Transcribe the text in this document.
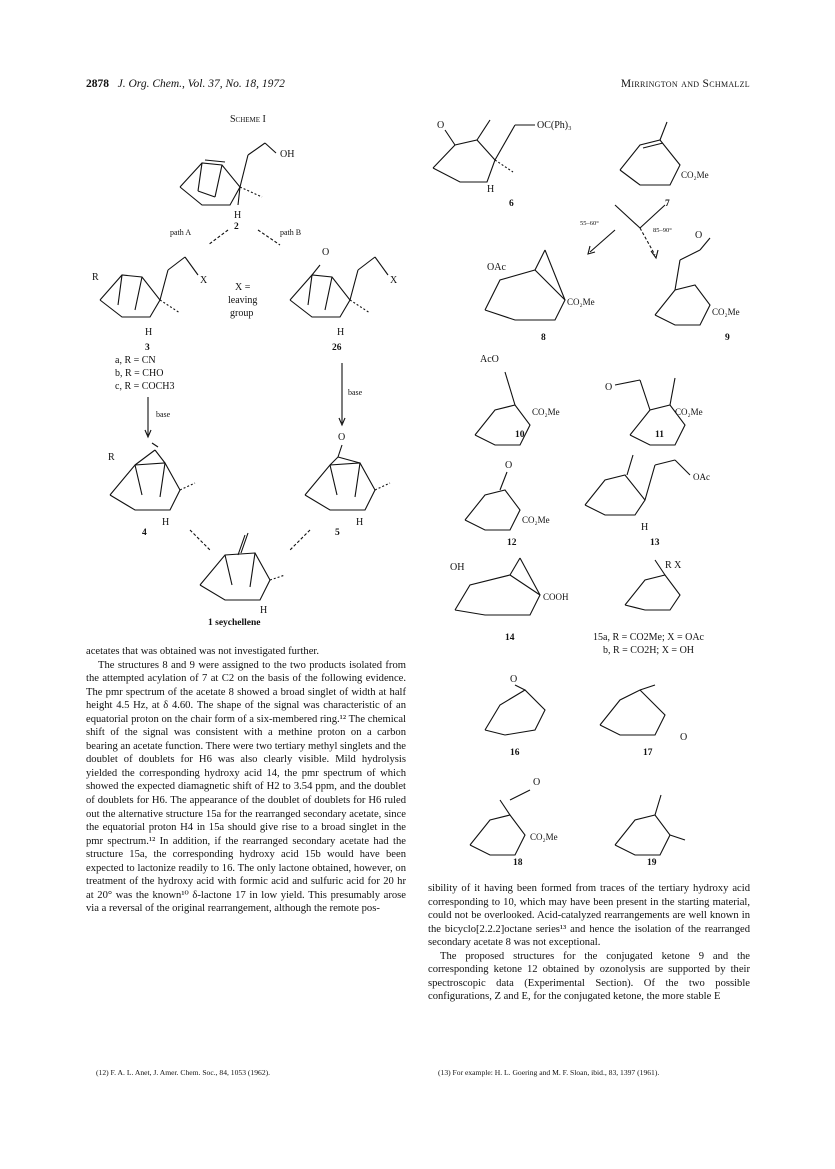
2878 J. Org. Chem., Vol. 37, No. 18, 1972	Mirrington and Schmalzl
Scheme I
OH
H
2
path A	path B
R	X
H
3
X =
leaving
group
O
X
H
26
a, R = CN
b, R = CHO
c, R = COCH3
base
base
R
H
4
O
H
5
H
1 seychellene
O	OC(Ph)₃
H
6
CO₂Me
7
55–60°
85–90°
OAc
CO₂Me
8
O
CO₂Me
9
AcO
CO₂Me
10
O
CO₂Me
11
O
CO₂Me
12
OAc
H
13
OH
COOH
14
R X
15a, R = CO2Me; X = OAc
b, R = CO2H; X = OH
O
16
O
17
O
CO₂Me
18	19

acetates that was obtained was not investigated further.

The structures 8 and 9 were assigned to the two products isolated from the attempted acylation of 7 at C2 on the basis of the following evidence. The pmr spectrum of the acetate 8 showed a broad singlet of width at half height 4.5 Hz, at δ 4.60. The shape of the signal was characteristic of an equatorial proton on the chair form of a six-membered ring.¹² The chemical shift of the signal was consistent with a methine proton on a carbon bearing an acetate function. There were two tertiary methyl singlets and the doublet of doublets for H6 was also clearly visible. Mild hydrolysis yielded the corresponding hydroxy acid 14, the pmr spectrum of which showed the expected diamagnetic shift of H2 to 3.54 ppm, and the doublet of doublets for H6. The appearance of the doublet of doublets for H6 ruled out the alternative structure 15a for the rearranged secondary acetate, since the equatorial proton H4 in 15a should give rise to a broad singlet in the pmr spectrum.¹² In addition, if the rearranged secondary acetate had the structure 15a, the corresponding hydroxy acid 15b would have been expected to lactonize readily to 16. The only lactone obtained, however, on treatment of the hydroxy acid with formic acid and sulfuric acid for 20 hr at 20° was the known¹⁰ δ-lactone 17 in low yield. This presumably arose via a reversal of the original rearrangement, although the remote pos-

sibility of it having been formed from traces of the tertiary hydroxy acid corresponding to 10, which may have been present in the starting material, could not be overlooked. Acid-catalyzed rearrangements are well known in the bicyclo[2.2.2]octane series¹³ and hence the isolation of the rearranged secondary acetate 8 was not exceptional.

The proposed structures for the conjugated ketone 9 and the corresponding ketone 12 obtained by ozonolysis are supported by their spectroscopic data (Experimental Section). Of the two possible configurations, Z and E, for the conjugated ketone, the more stable E

(12) F. A. L. Anet, J. Amer. Chem. Soc., 84, 1053 (1962).	(13) For example: H. L. Goering and M. F. Sloan, ibid., 83, 1397 (1961).
